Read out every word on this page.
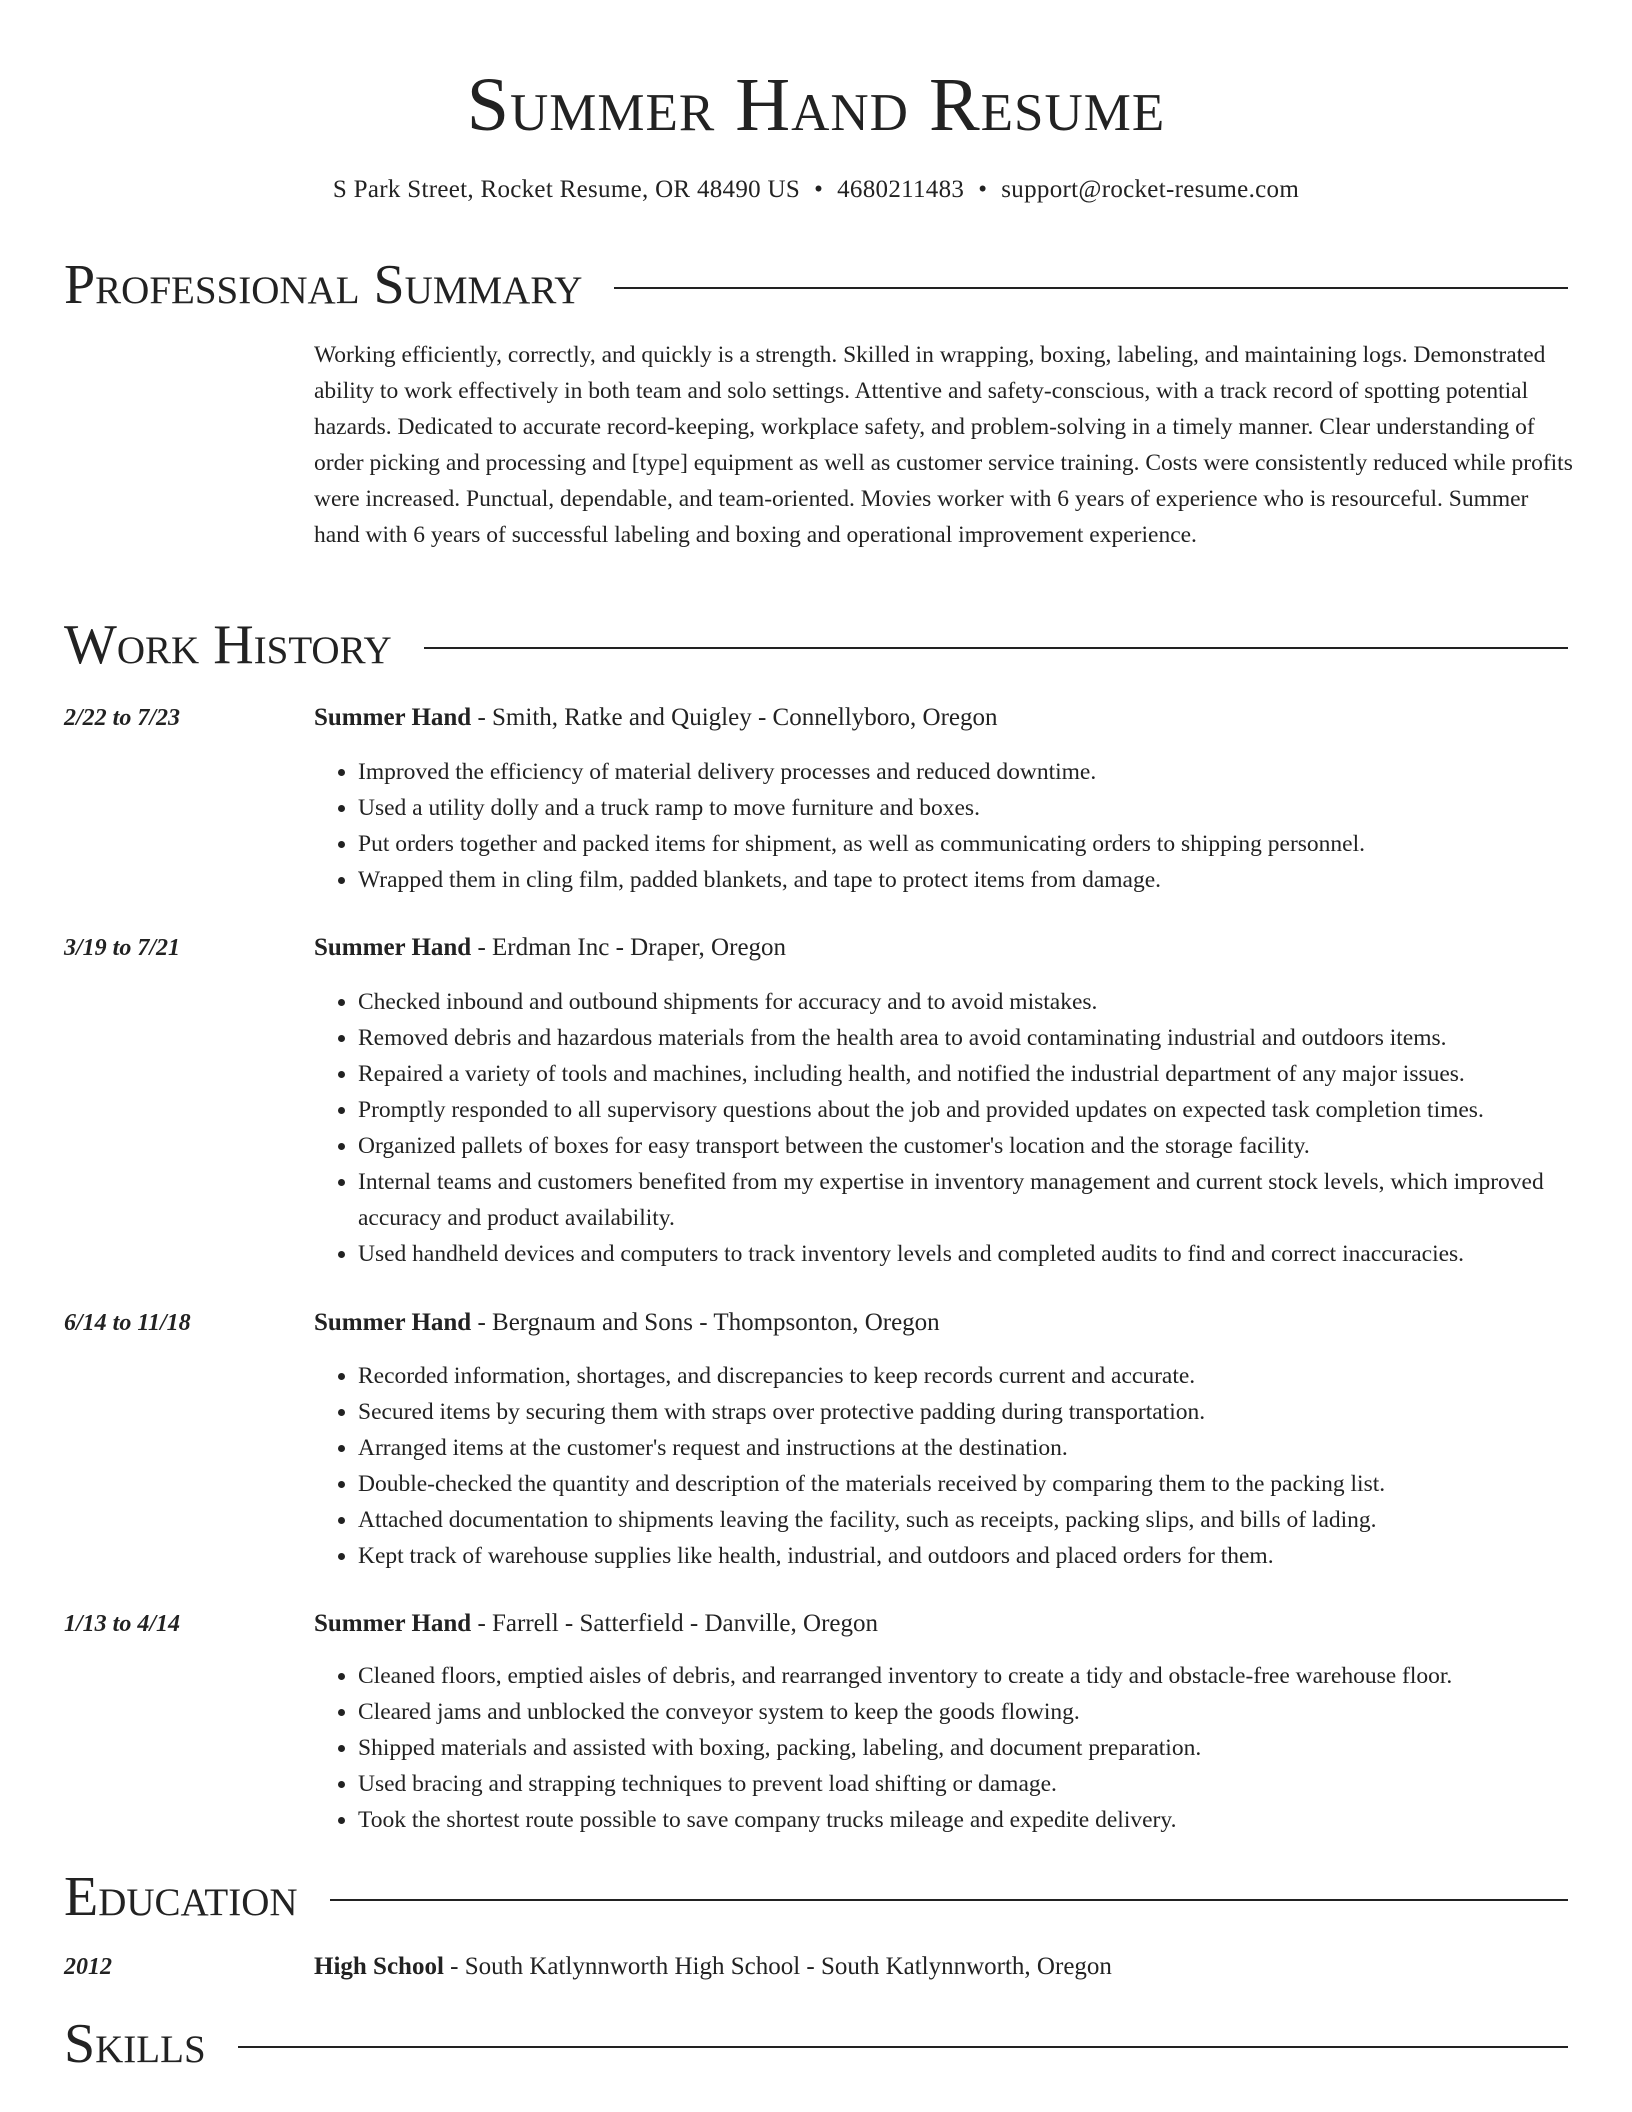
Summer Hand Resume
S Park Street, Rocket Resume, OR 48490 US • 4680211483 • support@rocket-resume.com
Professional Summary
Working efficiently, correctly, and quickly is a strength. Skilled in wrapping, boxing, labeling, and maintaining logs. Demonstrated ability to work effectively in both team and solo settings. Attentive and safety-conscious, with a track record of spotting potential hazards. Dedicated to accurate record-keeping, workplace safety, and problem-solving in a timely manner. Clear understanding of order picking and processing and [type] equipment as well as customer service training. Costs were consistently reduced while profits were increased. Punctual, dependable, and team-oriented. Movies worker with 6 years of experience who is resourceful. Summer hand with 6 years of successful labeling and boxing and operational improvement experience.
Work History
2/22 to 7/23	Summer Hand - Smith, Ratke and Quigley - Connellyboro, Oregon
• Improved the efficiency of material delivery processes and reduced downtime.
• Used a utility dolly and a truck ramp to move furniture and boxes.
• Put orders together and packed items for shipment, as well as communicating orders to shipping personnel.
• Wrapped them in cling film, padded blankets, and tape to protect items from damage.
3/19 to 7/21	Summer Hand - Erdman Inc - Draper, Oregon
• Checked inbound and outbound shipments for accuracy and to avoid mistakes.
• Removed debris and hazardous materials from the health area to avoid contaminating industrial and outdoors items.
• Repaired a variety of tools and machines, including health, and notified the industrial department of any major issues.
• Promptly responded to all supervisory questions about the job and provided updates on expected task completion times.
• Organized pallets of boxes for easy transport between the customer's location and the storage facility.
• Internal teams and customers benefited from my expertise in inventory management and current stock levels, which improved accuracy and product availability.
• Used handheld devices and computers to track inventory levels and completed audits to find and correct inaccuracies.
6/14 to 11/18	Summer Hand - Bergnaum and Sons - Thompsonton, Oregon
• Recorded information, shortages, and discrepancies to keep records current and accurate.
• Secured items by securing them with straps over protective padding during transportation.
• Arranged items at the customer's request and instructions at the destination.
• Double-checked the quantity and description of the materials received by comparing them to the packing list.
• Attached documentation to shipments leaving the facility, such as receipts, packing slips, and bills of lading.
• Kept track of warehouse supplies like health, industrial, and outdoors and placed orders for them.
1/13 to 4/14	Summer Hand - Farrell - Satterfield - Danville, Oregon
• Cleaned floors, emptied aisles of debris, and rearranged inventory to create a tidy and obstacle-free warehouse floor.
• Cleared jams and unblocked the conveyor system to keep the goods flowing.
• Shipped materials and assisted with boxing, packing, labeling, and document preparation.
• Used bracing and strapping techniques to prevent load shifting or damage.
• Took the shortest route possible to save company trucks mileage and expedite delivery.
Education
2012	High School - South Katlynnworth High School - South Katlynnworth, Oregon
Skills
